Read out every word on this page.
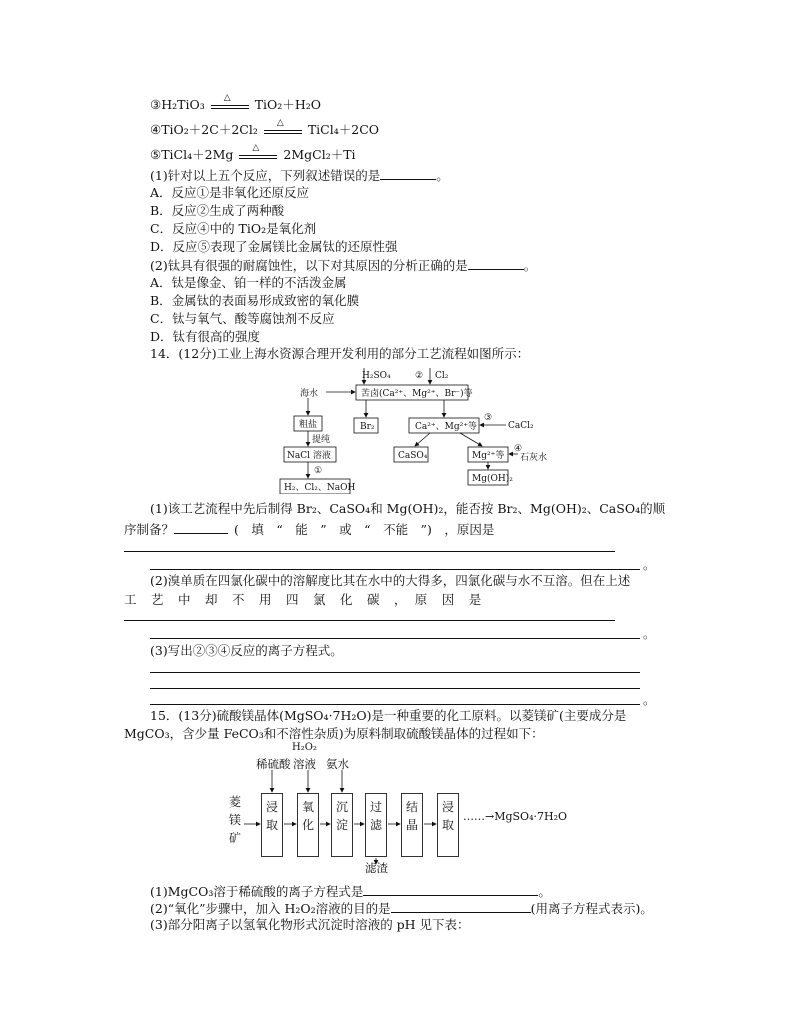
③H₂TiO₃ △ TiO₂＋H₂O
④TiO₂＋2C＋2Cl₂ △ TiCl₄＋2CO
⑤TiCl₄＋2Mg △ 2MgCl₂＋Ti
(1)针对以上五个反应，下列叙述错误的是	。
A．反应①是非氧化还原反应
B．反应②生成了两种酸
C．反应④中的 TiO₂是氧化剂
D．反应⑤表现了金属镁比金属钛的还原性强
(2)钛具有很强的耐腐蚀性，以下对其原因的分析正确的是	。
A．钛是像金、铂一样的不活泼金属
B．金属钛的表面易形成致密的氧化膜
C．钛与氧气、酸等腐蚀剂不反应
D．钛有很高的强度
14．(12分)工业上海水资源合理开发利用的部分工艺流程如图所示：
H₂SO₄	② Cl₂
海水	苦卤(Ca²⁺、Mg²⁺、Br⁻)等
③
CaCl₂
粗盐	Br₂	Ca²⁺、Mg²⁺等
提纯
NaCl 溶液	CaSO₄	Mg²⁺等
④
石灰水
①
H₂、Cl₂、NaOH
Mg(OH)₂
(1)该工艺流程中先后制得 Br₂、CaSO₄和 Mg(OH)₂，能否按 Br₂、Mg(OH)₂、CaSO₄的顺
序制备？	(　填　“　能　”　或　“　不能　”)　，原因是
。
(2)溴单质在四氯化碳中的溶解度比其在水中的大得多，四氯化碳与水不互溶。但在上述
工　艺　中　却　不　用　四　氯　化　碳　，　原　因　是
。
(3)写出②③④反应的离子方程式。
。
15．(13分)硫酸镁晶体(MgSO₄·7H₂O)是一种重要的化工原料。以菱镁矿(主要成分是
MgCO₃，含少量 FeCO₃和不溶性杂质)为原料制取硫酸镁晶体的过程如下：
H₂O₂
稀硫酸 溶液 氨水
菱镁矿
浸取
氧化
沉淀
过滤
结晶
浸取
……→MgSO₄·7H₂O
滤渣
(1)MgCO₃溶于稀硫酸的离子方程式是	。
(2)“氧化”步骤中，加入 H₂O₂溶液的目的是	(用离子方程式表示)。
(3)部分阳离子以氢氧化物形式沉淀时溶液的 pH 见下表：
